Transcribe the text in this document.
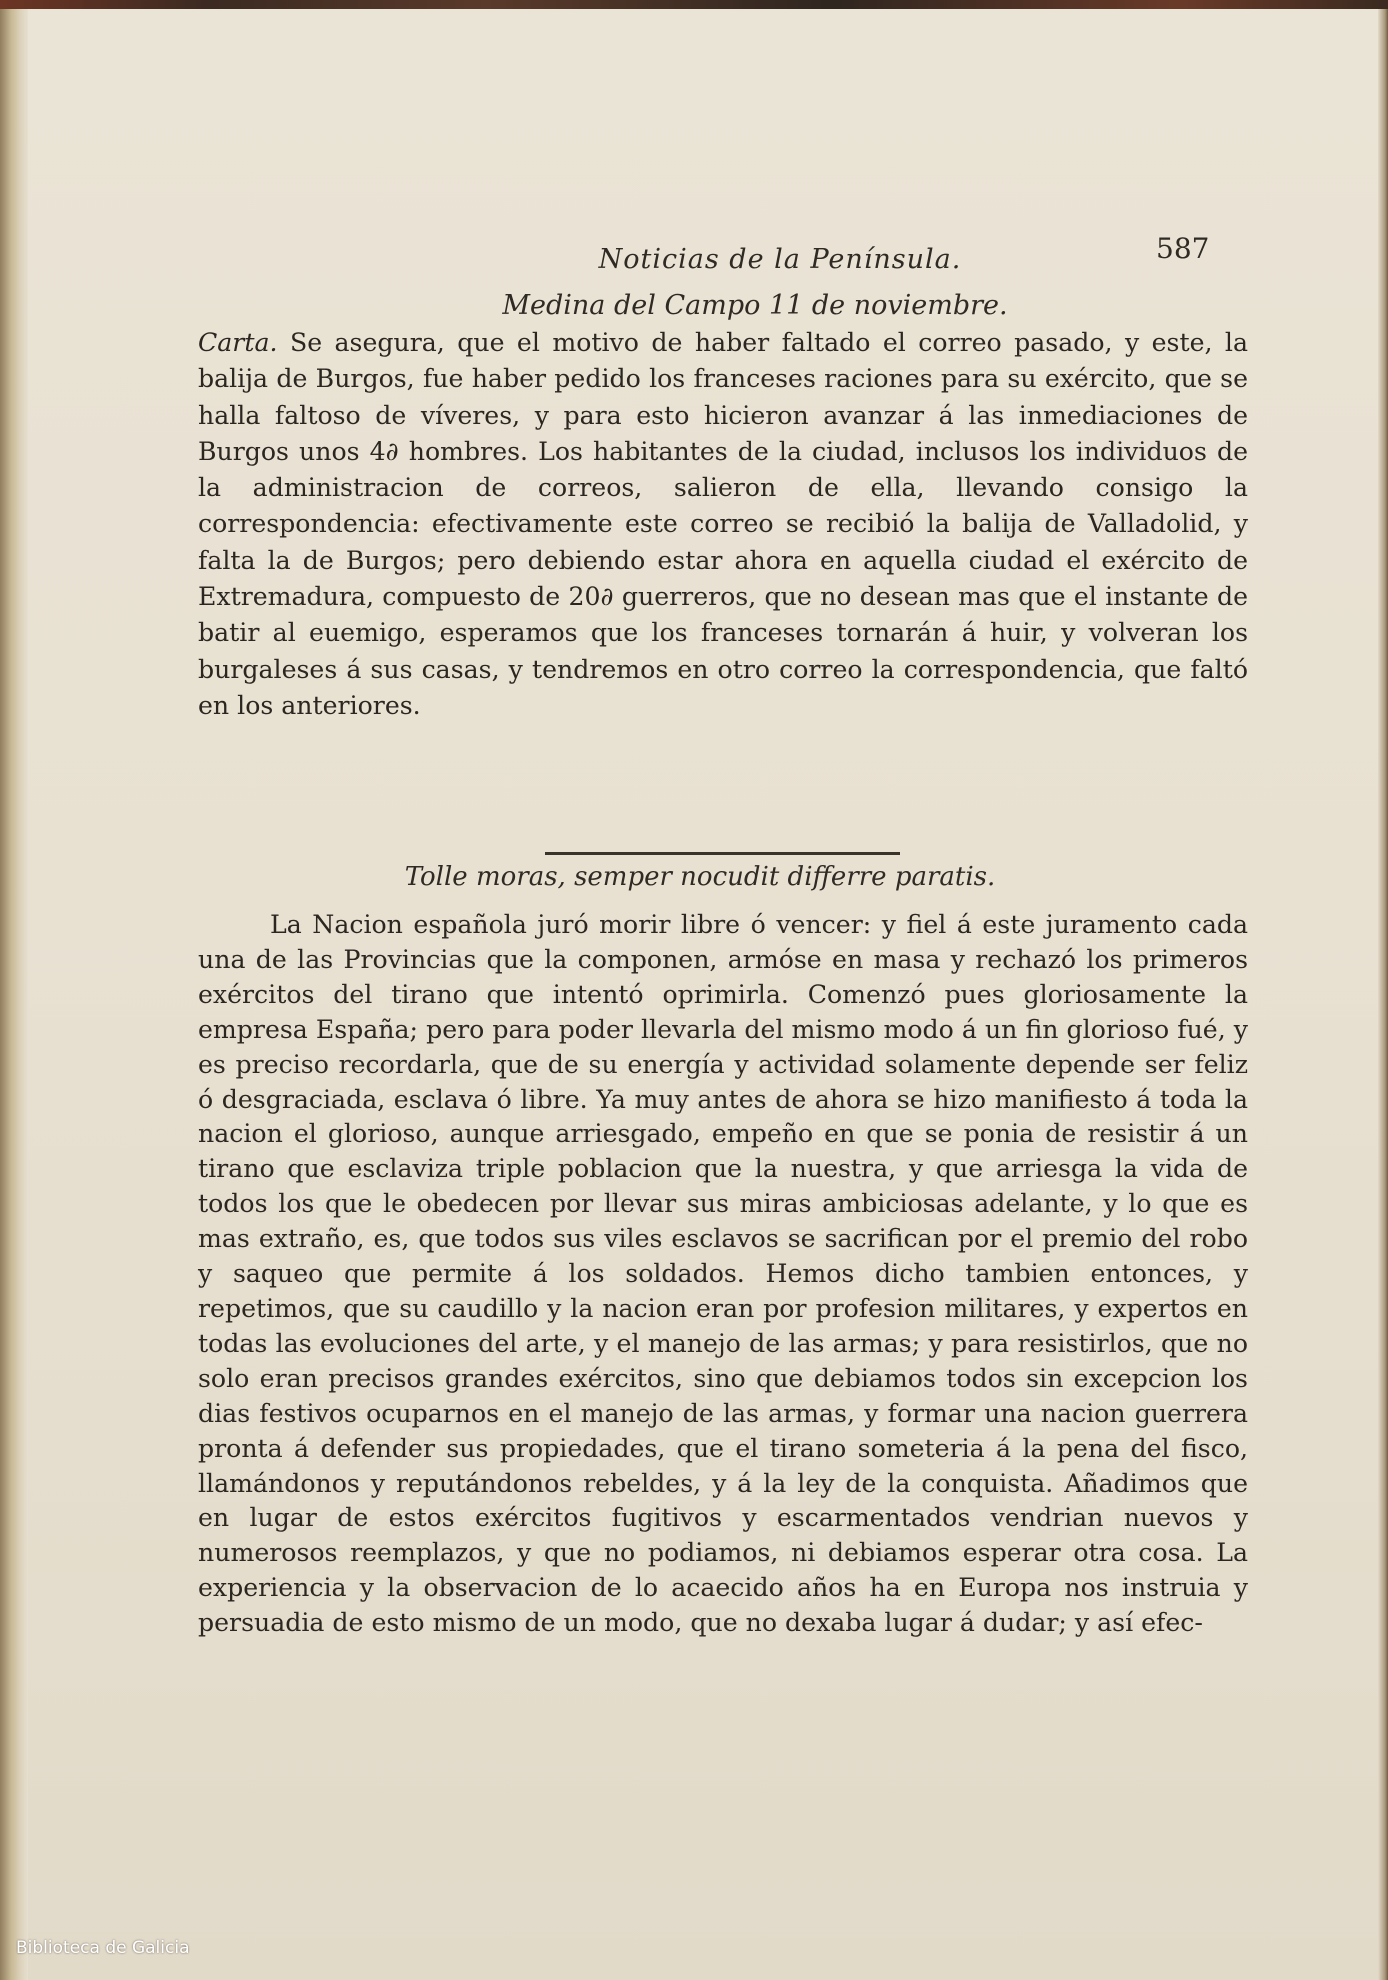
Noticias de la Península.	587
Medina del Campo 11 de noviembre.
Carta. Se asegura, que el motivo de haber faltado el correo pasado, y este, la balija de Burgos, fue haber pedido los franceses raciones para su exército, que se halla faltoso de víveres, y para esto hicieron avanzar á las inmediaciones de Burgos unos 4∂ hombres. Los habitantes de la ciudad, inclusos los individuos de la administracion de correos, salieron de ella, llevando consigo la correspondencia: efectivamente este correo se recibió la balija de Valladolid, y falta la de Burgos; pero debiendo estar ahora en aquella ciudad el exército de Extremadura, compuesto de 20∂ guerreros, que no desean mas que el instante de batir al euemigo, esperamos que los franceses tornarán á huir, y volveran los burgaleses á sus casas, y tendremos en otro correo la correspondencia, que faltó en los anteriores.
Tolle moras, semper nocudit differre paratis.
La Nacion española juró morir libre ó vencer: y fiel á este juramento cada una de las Provincias que la componen, armóse en masa y rechazó los primeros exércitos del tirano que intentó oprimirla. Comenzó pues gloriosamente la empresa España; pero para poder llevarla del mismo modo á un fin glorioso fué, y es preciso recordarla, que de su energía y actividad solamente depende ser feliz ó desgraciada, esclava ó libre. Ya muy antes de ahora se hizo manifiesto á toda la nacion el glorioso, aunque arriesgado, empeño en que se ponia de resistir á un tirano que esclaviza triple poblacion que la nuestra, y que arriesga la vida de todos los que le obedecen por llevar sus miras ambiciosas adelante, y lo que es mas extraño, es, que todos sus viles esclavos se sacrifican por el premio del robo y saqueo que permite á los soldados. Hemos dicho tambien entonces, y repetimos, que su caudillo y la nacion eran por profesion militares, y expertos en todas las evoluciones del arte, y el manejo de las armas; y para resistirlos, que no solo eran precisos grandes exércitos, sino que debiamos todos sin excepcion los dias festivos ocuparnos en el manejo de las armas, y formar una nacion guerrera pronta á defender sus propiedades, que el tirano someteria á la pena del fisco, llamándonos y reputándonos rebeldes, y á la ley de la conquista. Añadimos que en lugar de estos exércitos fugitivos y escarmentados vendrian nuevos y numerosos reemplazos, y que no podiamos, ni debiamos esperar otra cosa. La experiencia y la observacion de lo acaecido años ha en Europa nos instruia y persuadia de esto mismo de un modo, que no dexaba lugar á dudar; y así efec-
Biblioteca de Galicia
